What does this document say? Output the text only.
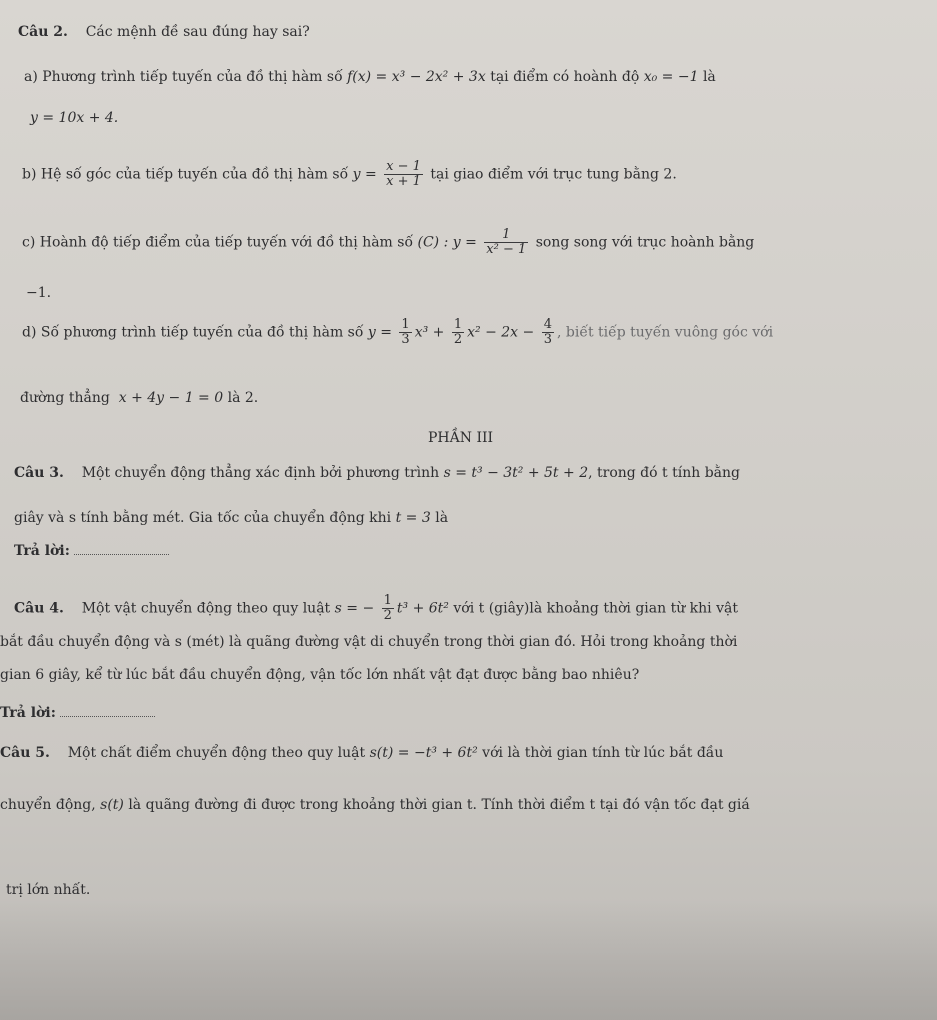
Câu 2. Các mệnh đề sau đúng hay sai?
a) Phương trình tiếp tuyến của đồ thị hàm số f(x) = x³ − 2x² + 3x tại điểm có hoành độ x₀ = −1 là
y = 10x + 4.
b) Hệ số góc của tiếp tuyến của đồ thị hàm số $y = \frac{x - 1}{x + 1}$ tại giao điểm với trục tung bằng 2.
c) Hoành độ tiếp điểm của tiếp tuyến với đồ thị hàm số (C) : $y = \frac{1}{\text{x² − 1}}$ song song với trục hoành bằng
−1.
d) Số phương trình tiếp tuyến của đồ thị hàm số $y = \frac{1}{3} x^3 + \frac{1}{2} x^2 - 2x - \frac{4}{3}$ , biết tiếp tuyến vuông góc với
đường thẳng x + 4y − 1 = 0 là 2.
PHẦN III
Câu 3. Một chuyển động thẳng xác định bởi phương trình s = t³ − 3t² + 5t + 2, trong đó t tính bằng
giây và s tính bằng mét. Gia tốc của chuyển động khi t = 3 là
Trả lời:
Câu 4. Một vật chuyển động theo quy luật s = − $\frac{1}{2} t^3 + 6t^2$ với t (giây)là khoảng thời gian từ khi vật
bắt đầu chuyển động và s (mét) là quãng đường vật di chuyển trong thời gian đó. Hỏi trong khoảng thời
gian 6 giây, kể từ lúc bắt đầu chuyển động, vận tốc lớn nhất vật đạt được bằng bao nhiêu?
Trả lời:
Câu 5. Một chất điểm chuyển động theo quy luật s(t) = −t³ + 6t² với là thời gian tính từ lúc bắt đầu
chuyển động, s(t) là quãng đường đi được trong khoảng thời gian t. Tính thời điểm t tại đó vận tốc đạt giá
trị lớn nhất.
